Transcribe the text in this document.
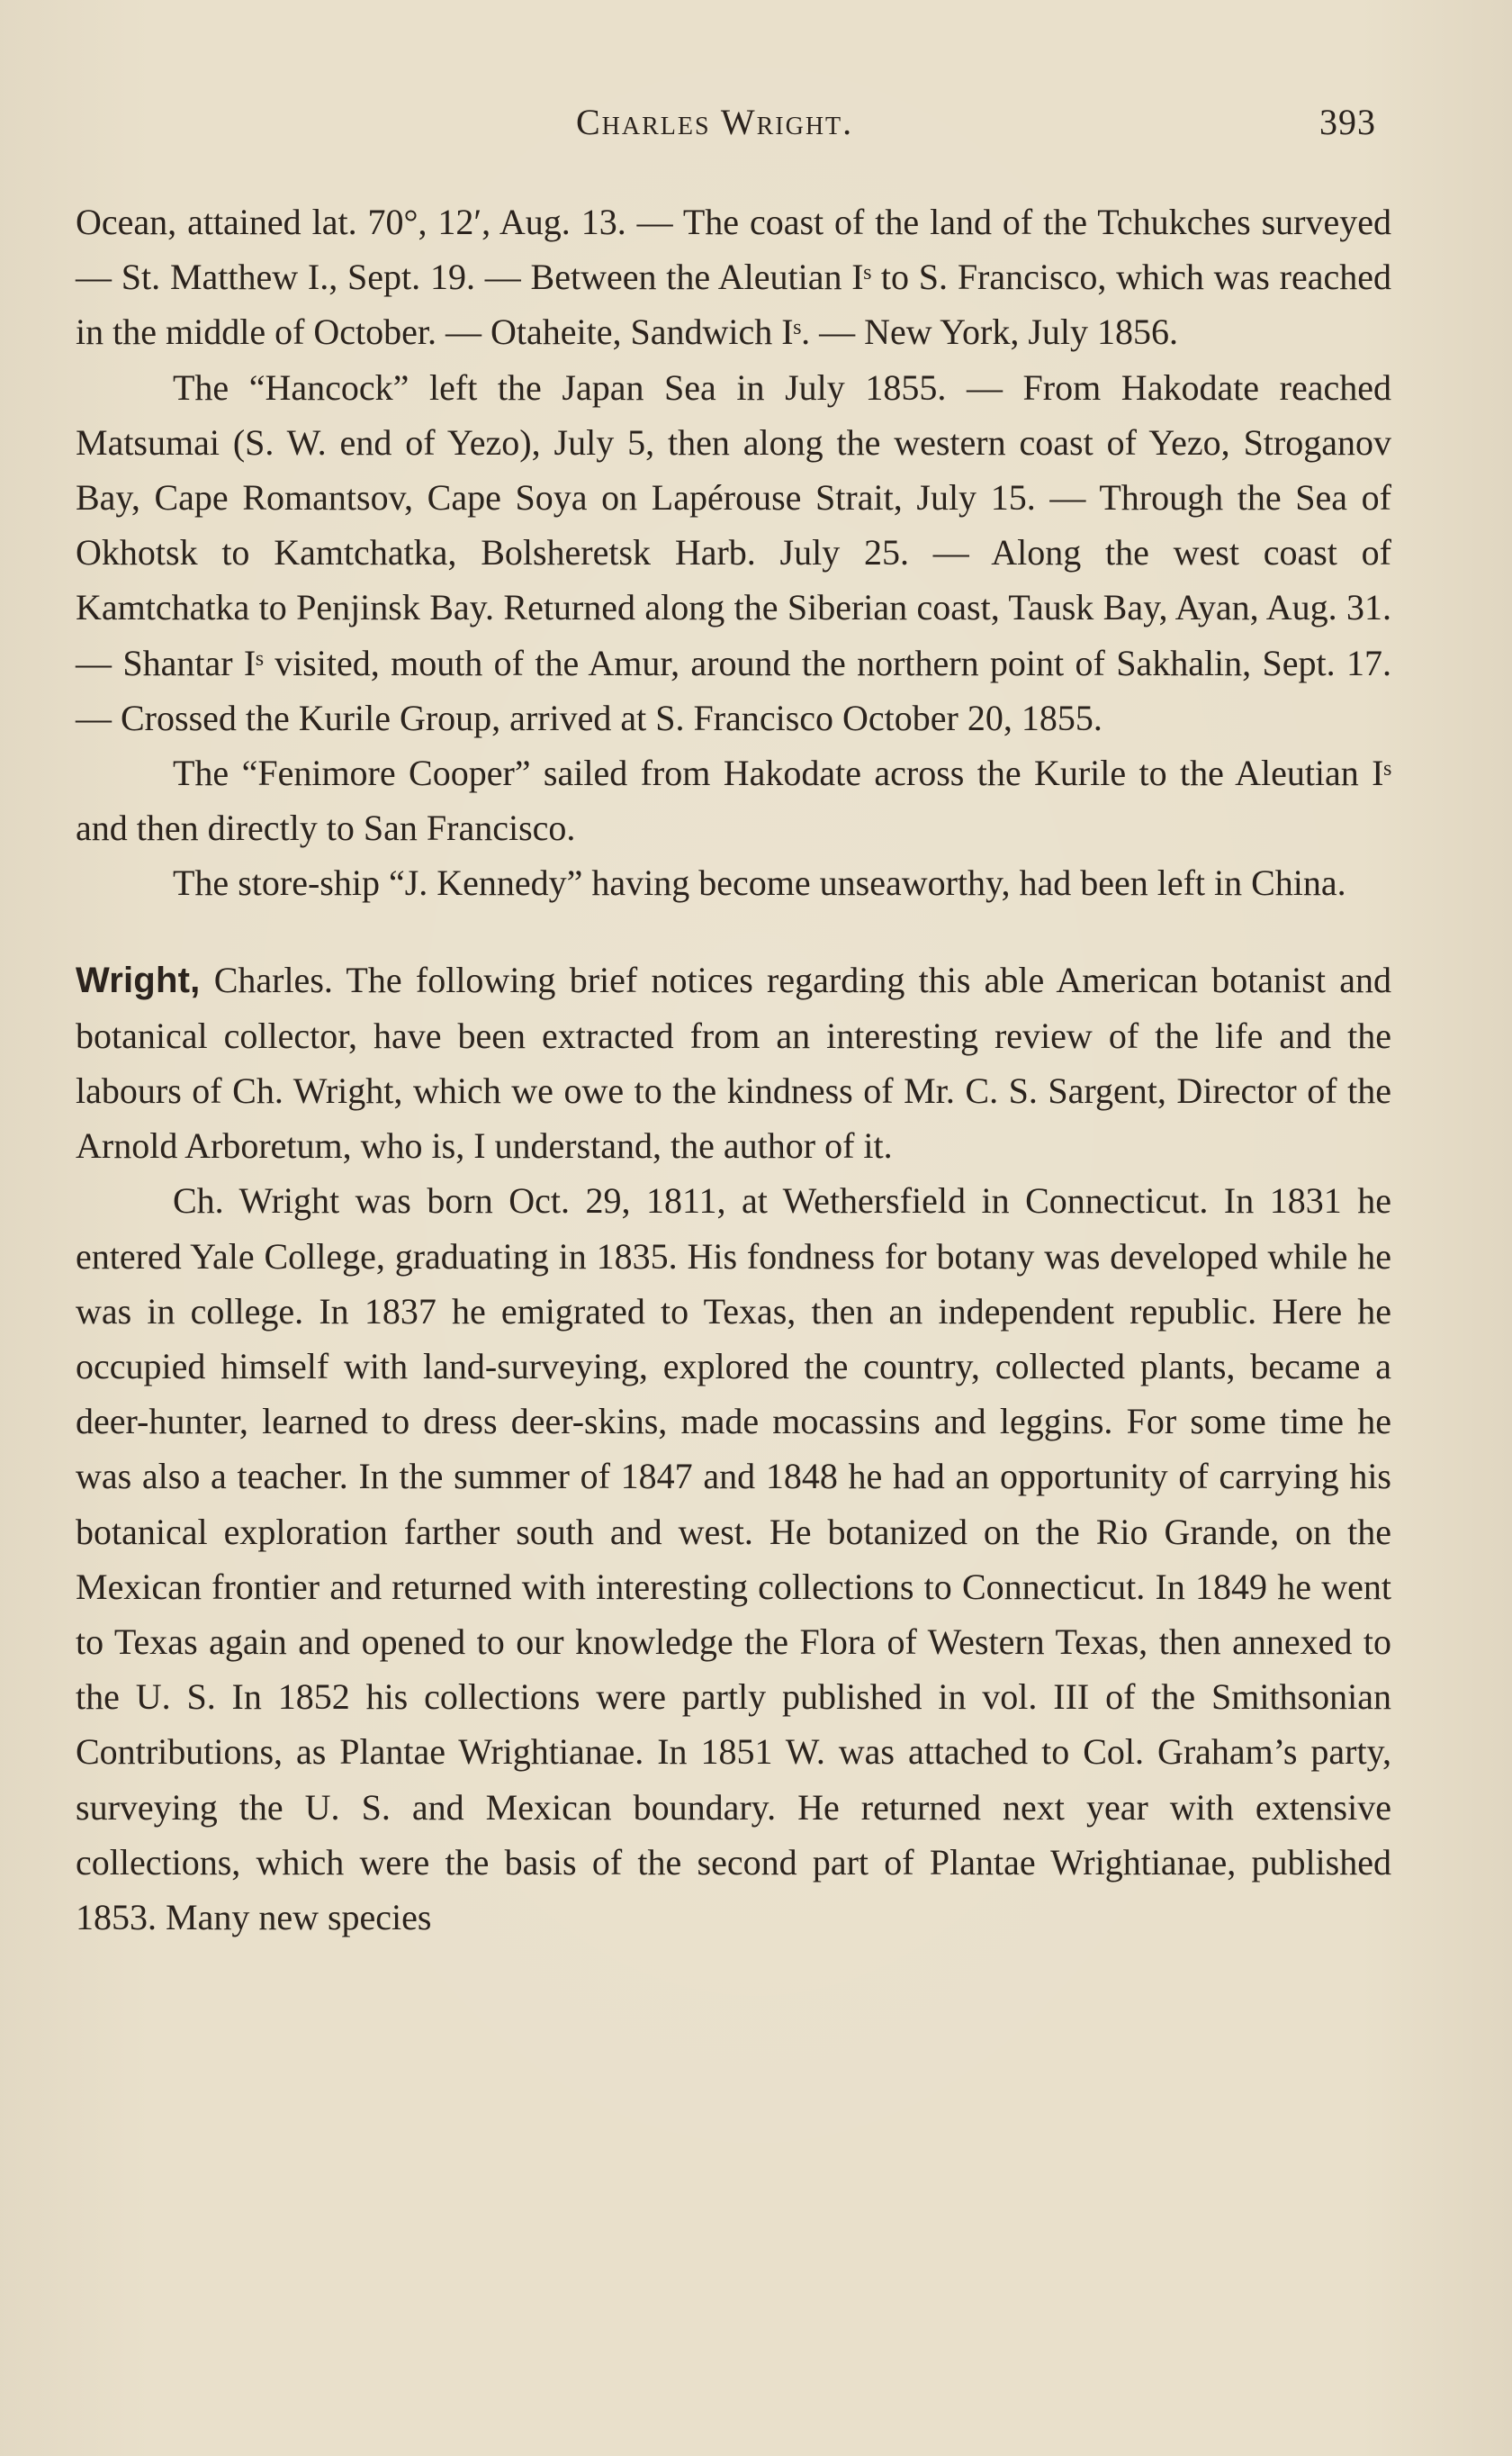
Charles Wright.	393

Ocean, attained lat. 70°, 12′, Aug. 13. — The coast of the land of the Tchukches surveyed — St. Matthew I., Sept. 19. — Between the Aleutian Iˢ to S. Francisco, which was reached in the middle of October. — Otaheite, Sandwich Iˢ. — New York, July 1856.

The “Hancock” left the Japan Sea in July 1855. — From Hakodate reached Matsumai (S. W. end of Yezo), July 5, then along the western coast of Yezo, Stroganov Bay, Cape Romantsov, Cape Soya on Lapérouse Strait, July 15. — Through the Sea of Okhotsk to Kamtchatka, Bolsheretsk Harb. July 25. — Along the west coast of Kamtchatka to Penjinsk Bay. Returned along the Siberian coast, Tausk Bay, Ayan, Aug. 31. — Shantar Iˢ visited, mouth of the Amur, around the northern point of Sakhalin, Sept. 17. — Crossed the Kurile Group, arrived at S. Francisco October 20, 1855.

The “Fenimore Cooper” sailed from Hakodate across the Kurile to the Aleutian Iˢ and then directly to San Francisco.

The store-ship “J. Kennedy” having become unseaworthy, had been left in China.

Wright, Charles. The following brief notices regarding this able American botanist and botanical collector, have been extracted from an interesting review of the life and the labours of Ch. Wright, which we owe to the kindness of Mr. C. S. Sargent, Director of the Arnold Arboretum, who is, I understand, the author of it.

Ch. Wright was born Oct. 29, 1811, at Wethersfield in Connecticut. In 1831 he entered Yale College, graduating in 1835. His fondness for botany was developed while he was in college. In 1837 he emigrated to Texas, then an independent republic. Here he occupied himself with land-surveying, explored the country, collected plants, became a deer-hunter, learned to dress deer-skins, made mocassins and leggins. For some time he was also a teacher. In the summer of 1847 and 1848 he had an opportunity of carrying his botanical exploration farther south and west. He botanized on the Rio Grande, on the Mexican frontier and returned with interesting collections to Connecticut. In 1849 he went to Texas again and opened to our knowledge the Flora of Western Texas, then annexed to the U. S. In 1852 his collections were partly published in vol. III of the Smithsonian Contributions, as Plantae Wrightianae. In 1851 W. was attached to Col. Graham’s party, surveying the U. S. and Mexican boundary. He returned next year with extensive collections, which were the basis of the second part of Plantae Wrightianae, published 1853. Many new species
